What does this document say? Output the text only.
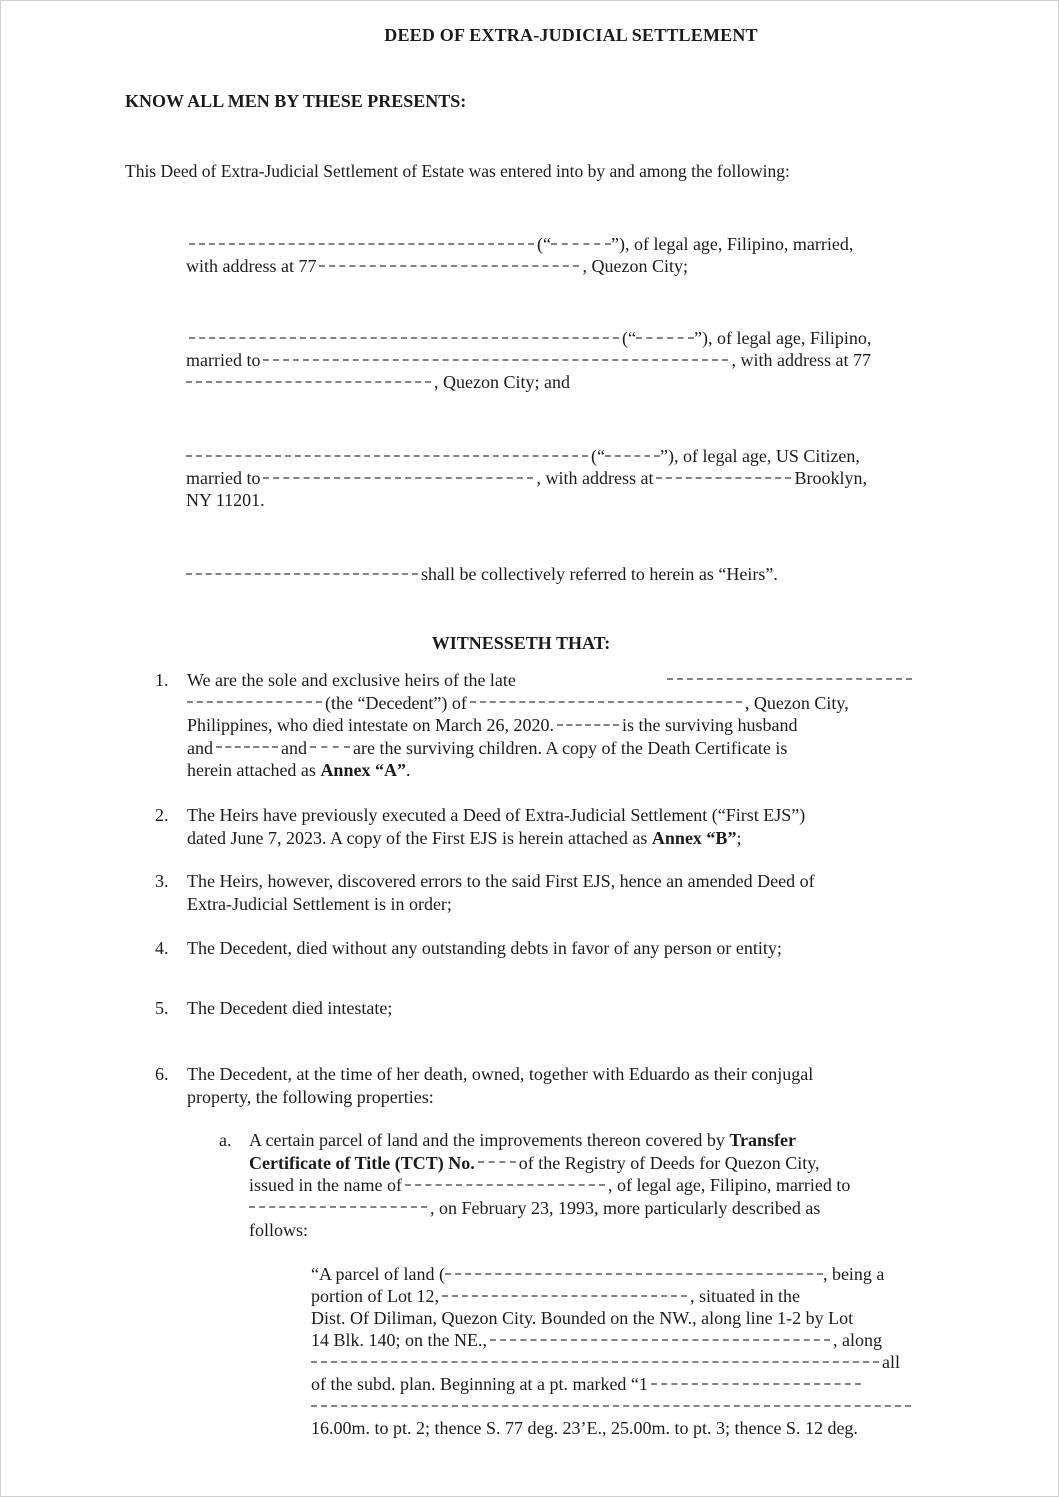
DEED OF EXTRA-JUDICIAL SETTLEMENT
KNOW ALL MEN BY THESE PRESENTS:
This Deed of Extra-Judicial Settlement of Estate was entered into by and among the following:
(“	”), of legal age, Filipino, married,
with address at 77	, Quezon City;
(“	”), of legal age, Filipino,
married to	, with address at 77
, Quezon City; and
(“	”), of legal age, US Citizen,
married to	, with address at	Brooklyn,
NY 11201.
shall be collectively referred to herein as “Heirs”.
WITNESSETH THAT:
1. We are the sole and exclusive heirs of the late
(the “Decedent”) of	, Quezon City,
Philippines, who died intestate on March 26, 2020.	is the surviving husband
and	and	are the surviving children. A copy of the Death Certificate is
herein attached as Annex “A”.
2. The Heirs have previously executed a Deed of Extra-Judicial Settlement (“First EJS”)
dated June 7, 2023. A copy of the First EJS is herein attached as Annex “B”;
3. The Heirs, however, discovered errors to the said First EJS, hence an amended Deed of
Extra-Judicial Settlement is in order;
4. The Decedent, died without any outstanding debts in favor of any person or entity;
5. The Decedent died intestate;
6. The Decedent, at the time of her death, owned, together with Eduardo as their conjugal
property, the following properties:
a. A certain parcel of land and the improvements thereon covered by Transfer
Certificate of Title (TCT) No. of the Registry of Deeds for Quezon City,
issued in the name of	, of legal age, Filipino, married to
, on February 23, 1993, more particularly described as
follows:
“A parcel of land (	, being a
portion of Lot 12,	, situated in the
Dist. Of Diliman, Quezon City. Bounded on the NW., along line 1-2 by Lot
14 Blk. 140; on the NE.,	, along
all
of the subd. plan. Beginning at a pt. marked “1
16.00m. to pt. 2; thence S. 77 deg. 23’E., 25.00m. to pt. 3; thence S. 12 deg.
